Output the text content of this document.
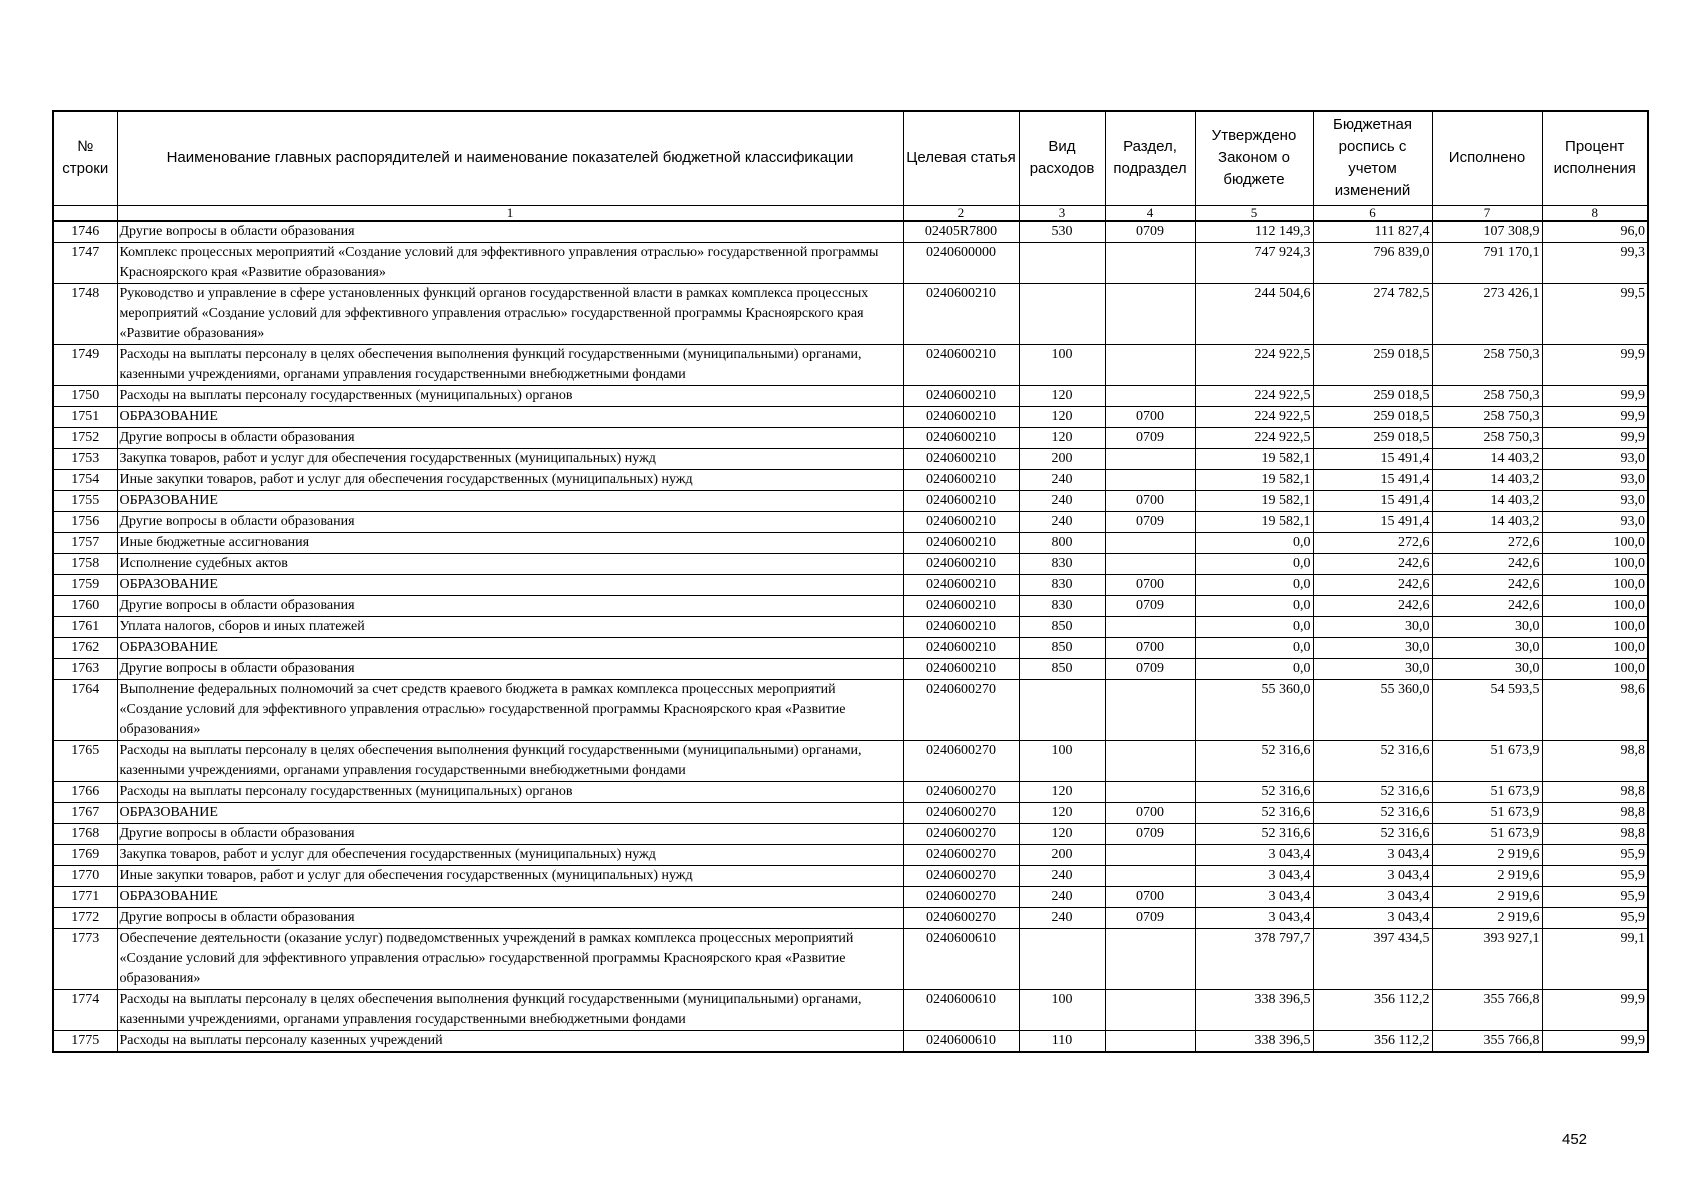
№ строки	Наименование главных распорядителей и наименование показателей бюджетной классификации	Целевая статья	Вид расходов	Раздел, подраздел	Утверждено Законом о бюджете	Бюджетная роспись с учетом изменений	Исполнено	Процент исполнения
	1	2	3	4	5	6	7	8
1746	Другие вопросы в области образования	02405R7800	530	0709	112 149,3	111 827,4	107 308,9	96,0
1747	Комплекс процессных мероприятий «Создание условий для эффективного управления отраслью» государственной программы Красноярского края «Развитие образования»	0240600000			747 924,3	796 839,0	791 170,1	99,3
1748	Руководство и управление в сфере установленных функций органов государственной власти в рамках комплекса процессных мероприятий «Создание условий для эффективного управления отраслью» государственной программы Красноярского края «Развитие образования»	0240600210			244 504,6	274 782,5	273 426,1	99,5
1749	Расходы на выплаты персоналу в целях обеспечения выполнения функций государственными (муниципальными) органами, казенными учреждениями, органами управления государственными внебюджетными фондами	0240600210	100		224 922,5	259 018,5	258 750,3	99,9
1750	Расходы на выплаты персоналу государственных (муниципальных) органов	0240600210	120		224 922,5	259 018,5	258 750,3	99,9
1751	ОБРАЗОВАНИЕ	0240600210	120	0700	224 922,5	259 018,5	258 750,3	99,9
1752	Другие вопросы в области образования	0240600210	120	0709	224 922,5	259 018,5	258 750,3	99,9
1753	Закупка товаров, работ и услуг для обеспечения государственных (муниципальных) нужд	0240600210	200		19 582,1	15 491,4	14 403,2	93,0
1754	Иные закупки товаров, работ и услуг для обеспечения государственных (муниципальных) нужд	0240600210	240		19 582,1	15 491,4	14 403,2	93,0
1755	ОБРАЗОВАНИЕ	0240600210	240	0700	19 582,1	15 491,4	14 403,2	93,0
1756	Другие вопросы в области образования	0240600210	240	0709	19 582,1	15 491,4	14 403,2	93,0
1757	Иные бюджетные ассигнования	0240600210	800		0,0	272,6	272,6	100,0
1758	Исполнение судебных актов	0240600210	830		0,0	242,6	242,6	100,0
1759	ОБРАЗОВАНИЕ	0240600210	830	0700	0,0	242,6	242,6	100,0
1760	Другие вопросы в области образования	0240600210	830	0709	0,0	242,6	242,6	100,0
1761	Уплата налогов, сборов и иных платежей	0240600210	850		0,0	30,0	30,0	100,0
1762	ОБРАЗОВАНИЕ	0240600210	850	0700	0,0	30,0	30,0	100,0
1763	Другие вопросы в области образования	0240600210	850	0709	0,0	30,0	30,0	100,0
1764	Выполнение федеральных полномочий за счет средств краевого бюджета в рамках комплекса процессных мероприятий «Создание условий для эффективного управления отраслью» государственной программы Красноярского края «Развитие образования»	0240600270			55 360,0	55 360,0	54 593,5	98,6
1765	Расходы на выплаты персоналу в целях обеспечения выполнения функций государственными (муниципальными) органами, казенными учреждениями, органами управления государственными внебюджетными фондами	0240600270	100		52 316,6	52 316,6	51 673,9	98,8
1766	Расходы на выплаты персоналу государственных (муниципальных) органов	0240600270	120		52 316,6	52 316,6	51 673,9	98,8
1767	ОБРАЗОВАНИЕ	0240600270	120	0700	52 316,6	52 316,6	51 673,9	98,8
1768	Другие вопросы в области образования	0240600270	120	0709	52 316,6	52 316,6	51 673,9	98,8
1769	Закупка товаров, работ и услуг для обеспечения государственных (муниципальных) нужд	0240600270	200		3 043,4	3 043,4	2 919,6	95,9
1770	Иные закупки товаров, работ и услуг для обеспечения государственных (муниципальных) нужд	0240600270	240		3 043,4	3 043,4	2 919,6	95,9
1771	ОБРАЗОВАНИЕ	0240600270	240	0700	3 043,4	3 043,4	2 919,6	95,9
1772	Другие вопросы в области образования	0240600270	240	0709	3 043,4	3 043,4	2 919,6	95,9
1773	Обеспечение деятельности (оказание услуг) подведомственных учреждений в рамках комплекса процессных мероприятий «Создание условий для эффективного управления отраслью» государственной программы Красноярского края «Развитие образования»	0240600610			378 797,7	397 434,5	393 927,1	99,1
1774	Расходы на выплаты персоналу в целях обеспечения выполнения функций государственными (муниципальными) органами, казенными учреждениями, органами управления государственными внебюджетными фондами	0240600610	100		338 396,5	356 112,2	355 766,8	99,9
1775	Расходы на выплаты персоналу казенных учреждений	0240600610	110		338 396,5	356 112,2	355 766,8	99,9
452
